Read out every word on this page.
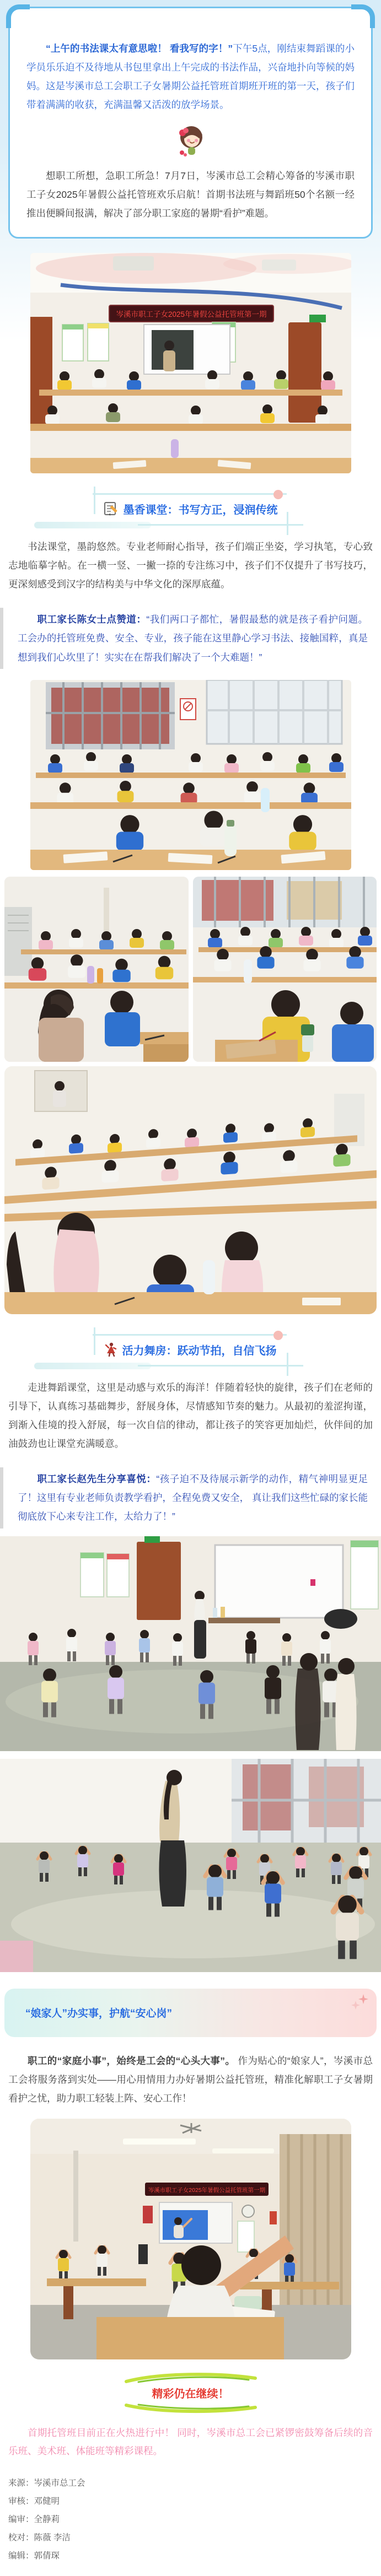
“上午的书法课太有意思啦！ 看我写的字！”下午5点，刚结束舞蹈课的小学员乐乐迫不及待地从书包里拿出上午完成的书法作品，兴奋地扑向等候的妈妈。这是岑溪市总工会职工子女暑期公益托管班首期班开班的第一天，孩子们带着满满的收获，充满温馨又活泼的放学场景。

想职工所想，急职工所急！7月7日，岑溪市总工会精心筹备的岑溪市职工子女2025年暑假公益托管班欢乐启航！首期书法班与舞蹈班50个名额一经推出便瞬间报满，解决了部分职工家庭的暑期“看护”难题。

岑溪市职工子女2025年暑假公益托管班第一期
墨香课堂：书写方正，浸润传统

书法课堂，墨韵悠然。专业老师耐心指导，孩子们端正坐姿，学习执笔，专心致志地临摹字帖。在一横一竖、一撇一捺的专注练习中，孩子们不仅提升了书写技巧，更深刻感受到汉字的结构美与中华文化的深厚底蕴。

职工家长陈女士点赞道：“我们两口子都忙，暑假最愁的就是孩子看护问题。工会办的托管班免费、安全、专业，孩子能在这里静心学习书法、接触国粹，真是想到我们心坎里了！实实在在帮我们解决了一个大难题！”
活力舞房：跃动节拍，自信飞扬

走进舞蹈课堂，这里是动感与欢乐的海洋！伴随着轻快的旋律，孩子们在老师的引导下，认真练习基础舞步，舒展身体，尽情感知节奏的魅力。从最初的羞涩拘谨，到渐入佳境的投入舒展，每一次自信的律动，都让孩子的笑容更加灿烂，伙伴间的加油鼓劲也让课堂充满暖意。

职工家长赵先生分享喜悦：“孩子迫不及待展示新学的动作，精气神明显更足了！这里有专业老师负责教学看护，全程免费又安全， 真让我们这些忙碌的家长能彻底放下心来专注工作，太给力了！”
“娘家人”办实事，护航“安心岗”

职工的“家庭小事”，始终是工会的“心头大事”。 作为贴心的“娘家人”，岑溪市总工会将服务落到实处——用心用情用力办好暑期公益托管班，精准化解职工子女暑期看护之忧，助力职工轻装上阵、安心工作！

岑溪市职工子女2025年暑假公益托管班第一期
精彩仍在继续！

首期托管班目前正在火热进行中！ 同时，岑溪市总工会已紧锣密鼓筹备后续的音乐班、美术班、体能班等精彩课程。

来源：岑溪市总工会
审核：邓健明
编审：全静莉
校对：陈薇 李洁
编辑：郭倩琛
